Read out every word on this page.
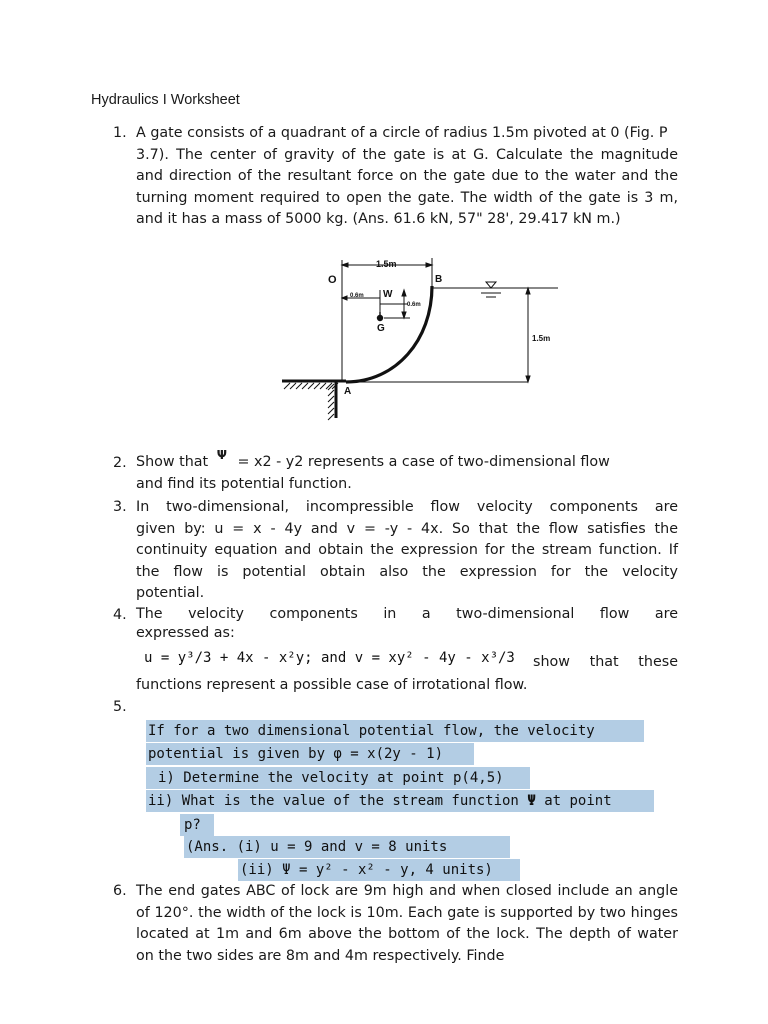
Hydraulics I Worksheet
1. A gate consists of a quadrant of a circle of radius 1.5m pivoted at 0 (Fig. P
3.7). The center of gravity of the gate is at G. Calculate the magnitude
and direction of the resultant force on the gate due to the water and the
turning moment required to open the gate. The width of the gate is 3 m,
and it has a mass of 5000 kg. (Ans. 61.6 kN, 57" 28', 29.417 kN m.)
1.5m
O	B
W
0.6m
0.6m
G
1.5m
A
2. Show that $^\Psi$ = x2 - y2 represents a case of two-dimensional flow
and find its potential function.
3. In two-dimensional, incompressible flow velocity components are
given by: u = x - 4y and v = -y - 4x. So that the flow satisfies the
continuity equation and obtain the expression for the stream function. If
the flow is potential obtain also the expression for the velocity
potential.
4. The velocity components in a two-dimensional flow are
expressed as:
u = y³/3 + 4x - x²y; and v = xy² - 4y - x³/3 show that these
functions represent a possible case of irrotational flow.
5.
If for a two dimensional potential flow, the velocity
potential is given by φ = x(2y - 1)
i) Determine the velocity at point p(4,5)
ii) What is the value of the stream function Ψ at point
p?
(Ans. (i) u = 9 and v = 8 units
(ii) Ψ = y² - x² - y, 4 units)
6. The end gates ABC of lock are 9m high and when closed include an angle
of 120°. the width of the lock is 10m. Each gate is supported by two hinges
located at 1m and 6m above the bottom of the lock. The depth of water
on the two sides are 8m and 4m respectively. Finde
